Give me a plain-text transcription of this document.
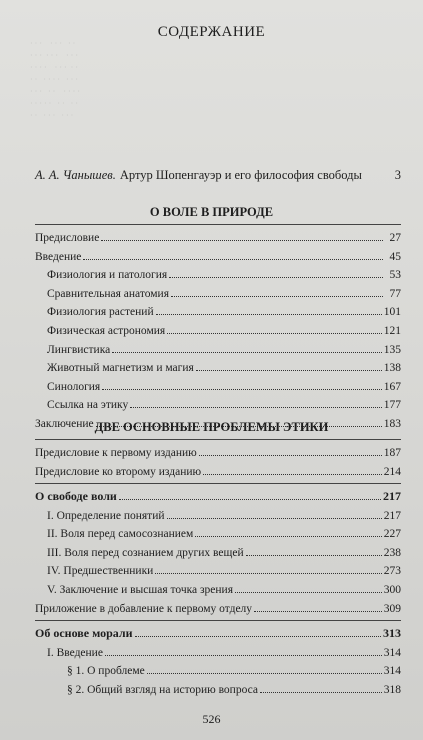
· · ·    · · ·   · ·
· · ·  · · ·    · · ·
· · · ·    · · ·  · ·
· ·   · · · ·   · · ·
· · ·   · ·    · · · ·
· · · · ·   · ·   · ·
· ·   · · ·   · · ·
СОДЕРЖАНИЕ
А. А. Чанышев. Артур Шопенгауэр и его философия свободы	3
О ВОЛЕ В ПРИРОДЕ
Предисловие	27
Введение	45
Физиология и патология	53
Сравнительная анатомия	77
Физиология растений	101
Физическая астрономия	121
Лингвистика	135
Животный магнетизм и магия	138
Синология	167
Ссылка на этику	177
Заключение	183
ДВЕ ОСНОВНЫЕ ПРОБЛЕМЫ ЭТИКИ
Предисловие к первому изданию	187
Предисловие ко второму изданию	214
О свободе воли	217
I. Определение понятий	217
II. Воля перед самосознанием	227
III. Воля перед сознанием других вещей	238
IV. Предшественники	273
V. Заключение и высшая точка зрения	300
Приложение в добавление к первому отделу	309
Об основе морали	313
I. Введение	314
§ 1. О проблеме	314
§ 2. Общий взгляд на историю вопроса	318
526
